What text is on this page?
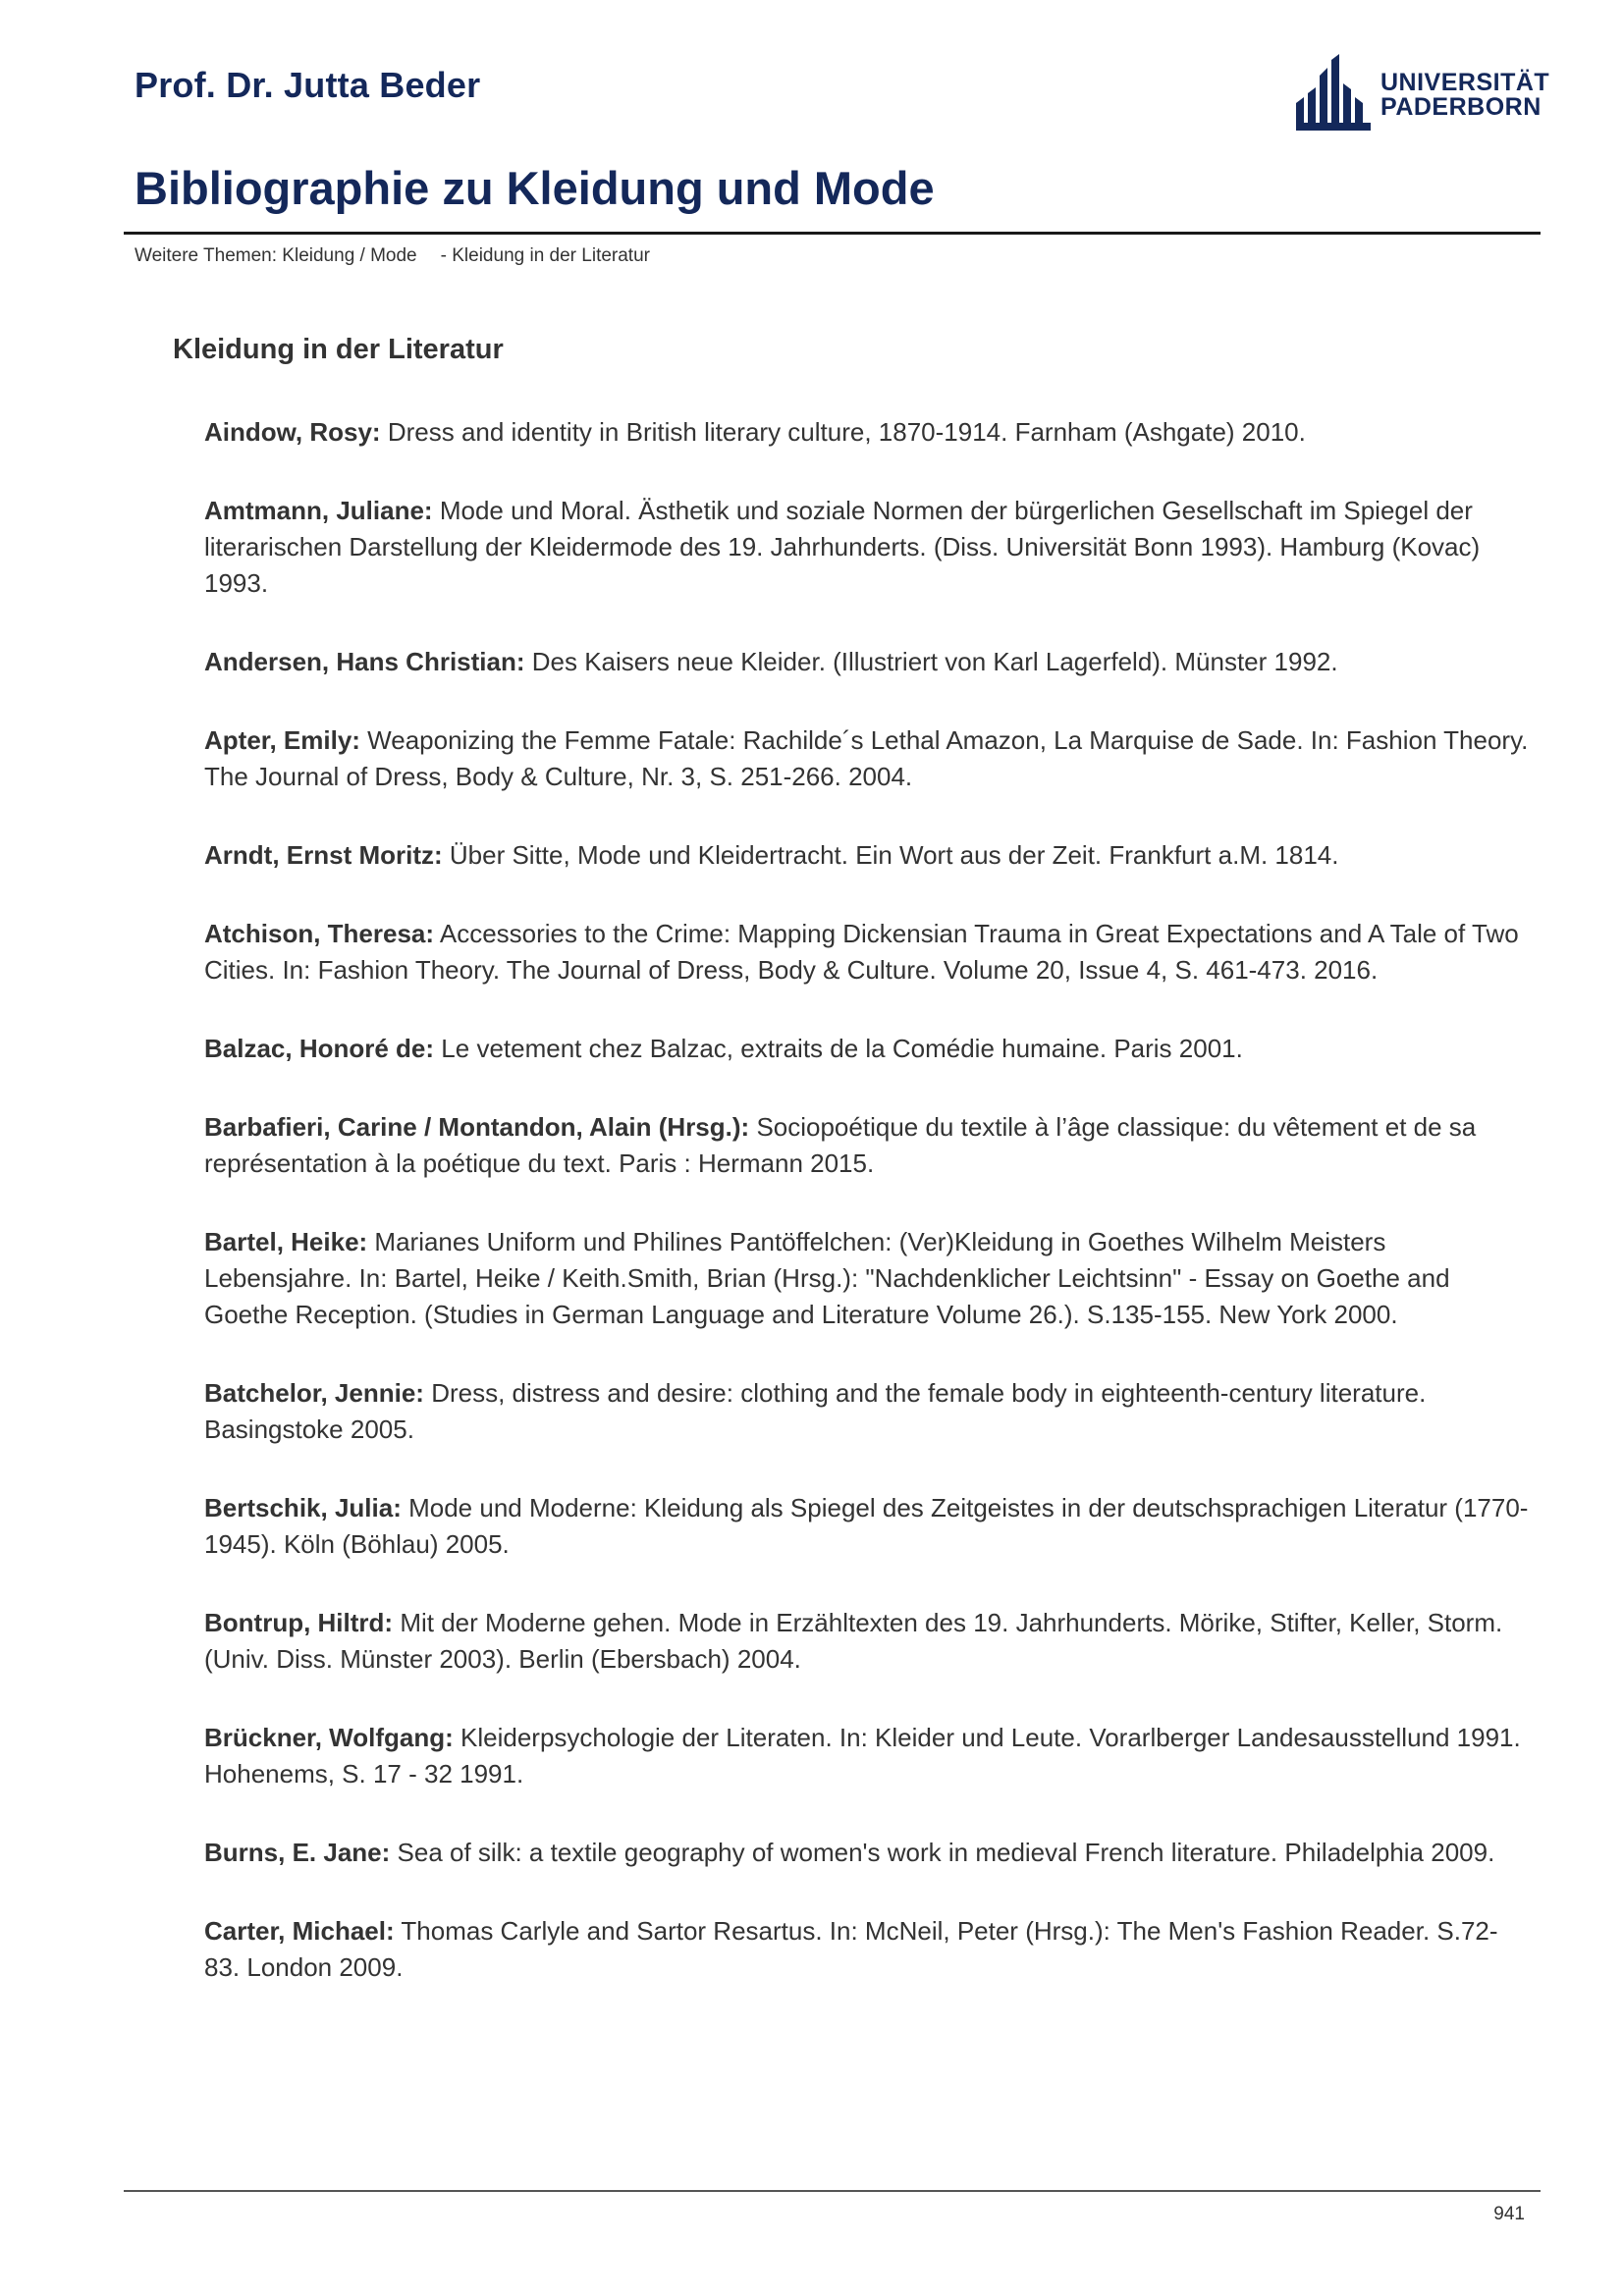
Prof. Dr. Jutta Beder	UNIVERSITÄT
PADERBORN
Bibliographie zu Kleidung und Mode
Weitere Themen: Kleidung / Mode - Kleidung in der Literatur
Kleidung in der Literatur

Aindow, Rosy: Dress and identity in British literary culture, 1870-1914. Farnham (Ashgate) 2010.

Amtmann, Juliane: Mode und Moral. Ästhetik und soziale Normen der bürgerlichen Gesellschaft im Spiegel der literarischen Darstellung der Kleidermode des 19. Jahrhunderts. (Diss. Universität Bonn 1993). Hamburg (Kovac) 1993.

Andersen, Hans Christian: Des Kaisers neue Kleider. (Illustriert von Karl Lagerfeld). Münster 1992.

Apter, Emily: Weaponizing the Femme Fatale: Rachilde´s Lethal Amazon, La Marquise de Sade. In: Fashion Theory. The Journal of Dress, Body & Culture, Nr. 3, S. 251-266. 2004.

Arndt, Ernst Moritz: Über Sitte, Mode und Kleidertracht. Ein Wort aus der Zeit. Frankfurt a.M. 1814.

Atchison, Theresa: Accessories to the Crime: Mapping Dickensian Trauma in Great Expectations and A Tale of Two Cities. In: Fashion Theory. The Journal of Dress, Body & Culture. Volume 20, Issue 4, S. 461-473. 2016.

Balzac, Honoré de: Le vetement chez Balzac, extraits de la Comédie humaine. Paris 2001.

Barbafieri, Carine / Montandon, Alain (Hrsg.): Sociopoétique du textile à l’âge classique: du vêtement et de sa représentation à la poétique du text. Paris : Hermann 2015.

Bartel, Heike: Marianes Uniform und Philines Pantöffelchen: (Ver)Kleidung in Goethes Wilhelm Meisters Lebensjahre. In: Bartel, Heike / Keith.Smith, Brian (Hrsg.): "Nachdenklicher Leichtsinn" - Essay on Goethe and Goethe Reception. (Studies in German Language and Literature Volume 26.). S.135-155. New York 2000.

Batchelor, Jennie: Dress, distress and desire: clothing and the female body in eighteenth-century literature. Basingstoke 2005.

Bertschik, Julia: Mode und Moderne: Kleidung als Spiegel des Zeitgeistes in der deutschsprachigen Literatur (1770-1945). Köln (Böhlau) 2005.

Bontrup, Hiltrd: Mit der Moderne gehen. Mode in Erzähltexten des 19. Jahrhunderts. Mörike, Stifter, Keller, Storm. (Univ. Diss. Münster 2003). Berlin (Ebersbach) 2004.

Brückner, Wolfgang: Kleiderpsychologie der Literaten. In: Kleider und Leute. Vorarlberger Landesausstellund 1991. Hohenems, S. 17 - 32 1991.

Burns, E. Jane: Sea of silk: a textile geography of women's work in medieval French literature. Philadelphia 2009.

Carter, Michael: Thomas Carlyle and Sartor Resartus. In: McNeil, Peter (Hrsg.): The Men's Fashion Reader. S.72-83. London 2009.

941
